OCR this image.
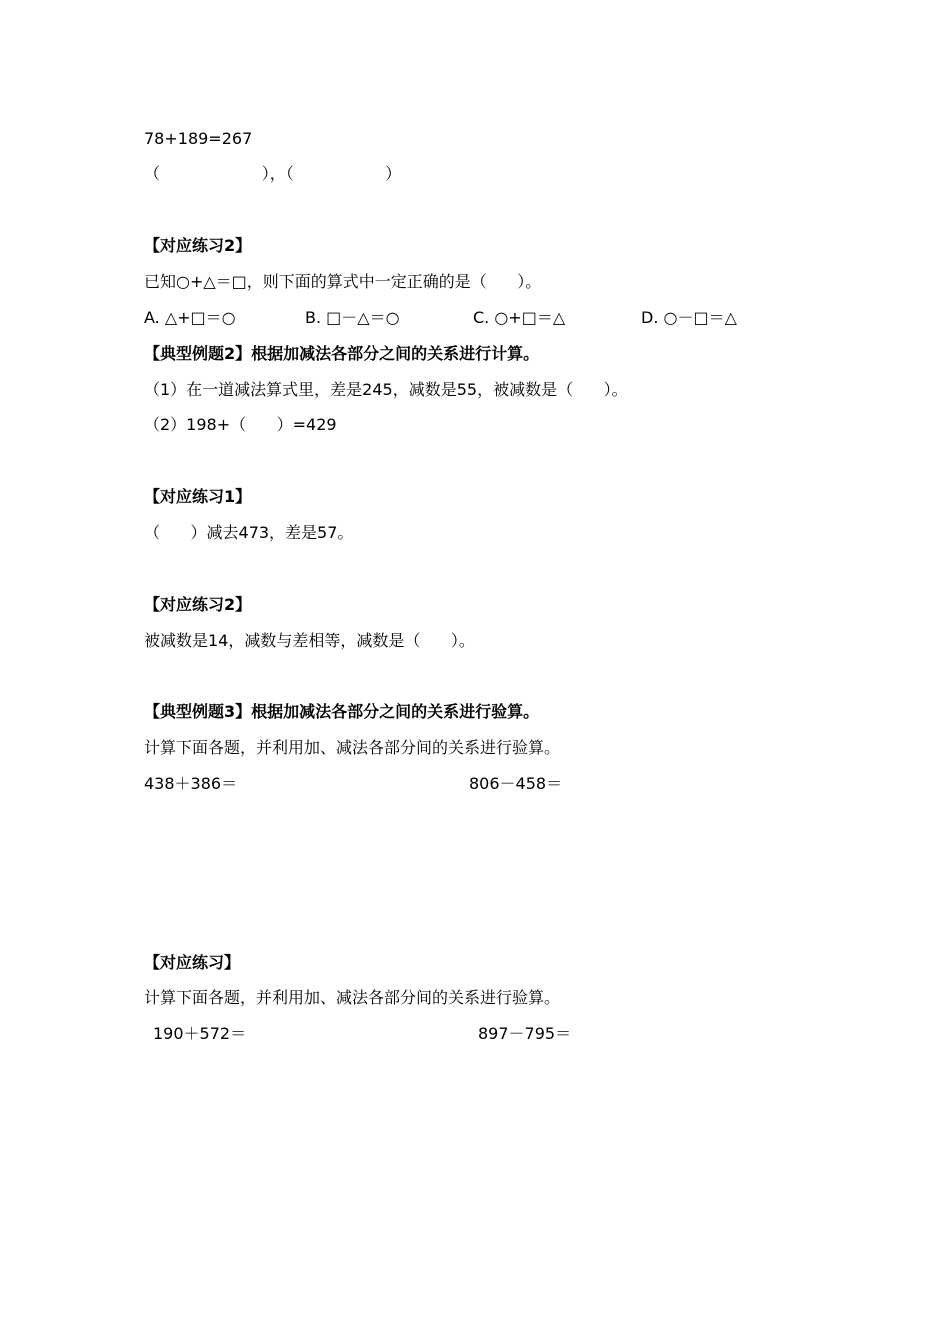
78+189=267
（                    ），（                  ）
【对应练习2】
已知○+△＝□，则下面的算式中一定正确的是（      ）。
A. △+□＝○	B. □－△＝○	C. ○+□＝△	D. ○－□＝△
【典型例题2】根据加减法各部分之间的关系进行计算。
（1）在一道减法算式里，差是245，减数是55，被减数是（      ）。
（2）198+（      ）=429
【对应练习1】
（      ）减去473，差是57。
【对应练习2】
被减数是14，减数与差相等，减数是（      ）。
【典型例题3】根据加减法各部分之间的关系进行验算。
计算下面各题，并利用加、减法各部分间的关系进行验算。
438＋386＝	806－458＝
【对应练习】
计算下面各题，并利用加、减法各部分间的关系进行验算。
190＋572＝	897－795＝
